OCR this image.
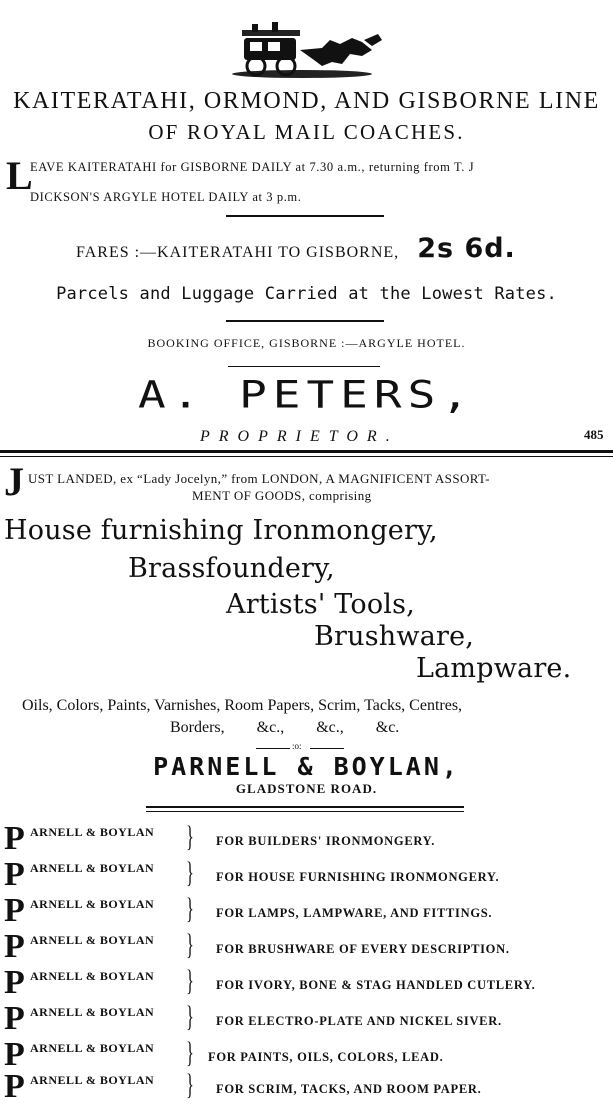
KAITERATAHI, ORMOND, AND GISBORNE LINE
OF ROYAL MAIL COACHES.
L
EAVE KAITERATAHI for GISBORNE DAILY at 7.30 a.m., returning from T. J
DICKSON'S ARGYLE HOTEL DAILY at 3 p.m.
FARES :—KAITERATAHI TO GISBORNE, 2s 6d.
Parcels and Luggage Carried at the Lowest Rates.
BOOKING OFFICE, GISBORNE :—ARGYLE HOTEL.
A. PETERS,
PROPRIETOR.	485
J UST LANDED, ex “Lady Jocelyn,” from LONDON, A MAGNIFICENT ASSORT-
MENT OF GOODS, comprising
House furnishing Ironmongery,
Brassfoundery,
Artists' Tools,
Brushware,
Lampware.
Oils, Colors, Paints, Varnishes, Room Papers, Scrim, Tacks, Centres,
Borders,        &c.,        &c.,        &c.
:o:
PARNELL & BOYLAN,
GLADSTONE ROAD.
P ARNELL & BOYLAN } FOR BUILDERS' IRONMONGERY.
P ARNELL & BOYLAN } FOR HOUSE FURNISHING IRONMONGERY.
P ARNELL & BOYLAN } FOR LAMPS, LAMPWARE, AND FITTINGS.
P ARNELL & BOYLAN } FOR BRUSHWARE OF EVERY DESCRIPTION.
P ARNELL & BOYLAN } FOR IVORY, BONE & STAG HANDLED CUTLERY.
P ARNELL & BOYLAN } FOR ELECTRO-PLATE AND NICKEL SIVER.
P ARNELL & BOYLAN } FOR PAINTS, OILS, COLORS, LEAD.
P ARNELL & BOYLAN } FOR SCRIM, TACKS, AND ROOM PAPER.
